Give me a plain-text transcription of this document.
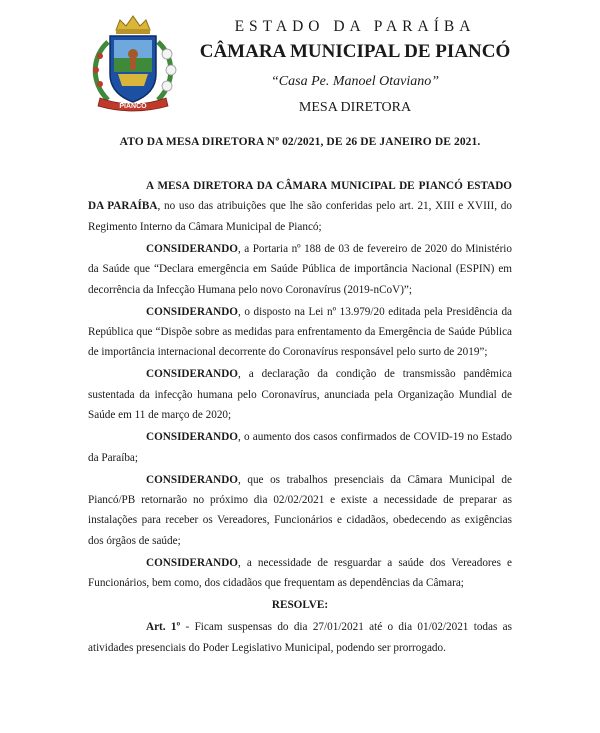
PIANCÓ
ESTADO DA PARAÍBA
CÂMARA MUNICIPAL DE PIANCÓ
“Casa Pe. Manoel Otaviano”
MESA DIRETORA
ATO DA MESA DIRETORA Nº 02/2021, DE 26 DE JANEIRO DE 2021.

A MESA DIRETORA DA CÂMARA MUNICIPAL DE PIANCÓ ESTADO DA PARAÍBA, no uso das atribuições que lhe são conferidas pelo art. 21, XIII e XVIII, do Regimento Interno da Câmara Municipal de Piancó;

CONSIDERANDO, a Portaria nº 188 de 03 de fevereiro de 2020 do Ministério da Saúde que “Declara emergência em Saúde Pública de importância Nacional (ESPIN) em decorrência da Infecção Humana pelo novo Coronavírus (2019-nCoV)”;

CONSIDERANDO, o disposto na Lei nº 13.979/20 editada pela Presidência da República que “Dispõe sobre as medidas para enfrentamento da Emergência de Saúde Pública de importância internacional decorrente do Coronavírus responsável pelo surto de 2019”;

CONSIDERANDO, a declaração da condição de transmissão pandêmica sustentada da infecção humana pelo Coronavírus, anunciada pela Organização Mundial de Saúde em 11 de março de 2020;

CONSIDERANDO, o aumento dos casos confirmados de COVID-19 no Estado da Paraíba;

CONSIDERANDO, que os trabalhos presenciais da Câmara Municipal de Piancó/PB retornarão no próximo dia 02/02/2021 e existe a necessidade de preparar as instalações para receber os Vereadores, Funcionários e cidadãos, obedecendo as exigências dos órgãos de saúde;

CONSIDERANDO, a necessidade de resguardar a saúde dos Vereadores e Funcionários, bem como, dos cidadãos que frequentam as dependências da Câmara;

RESOLVE:

Art. 1º - Ficam suspensas do dia 27/01/2021 até o dia 01/02/2021 todas as atividades presenciais do Poder Legislativo Municipal, podendo ser prorrogado.
